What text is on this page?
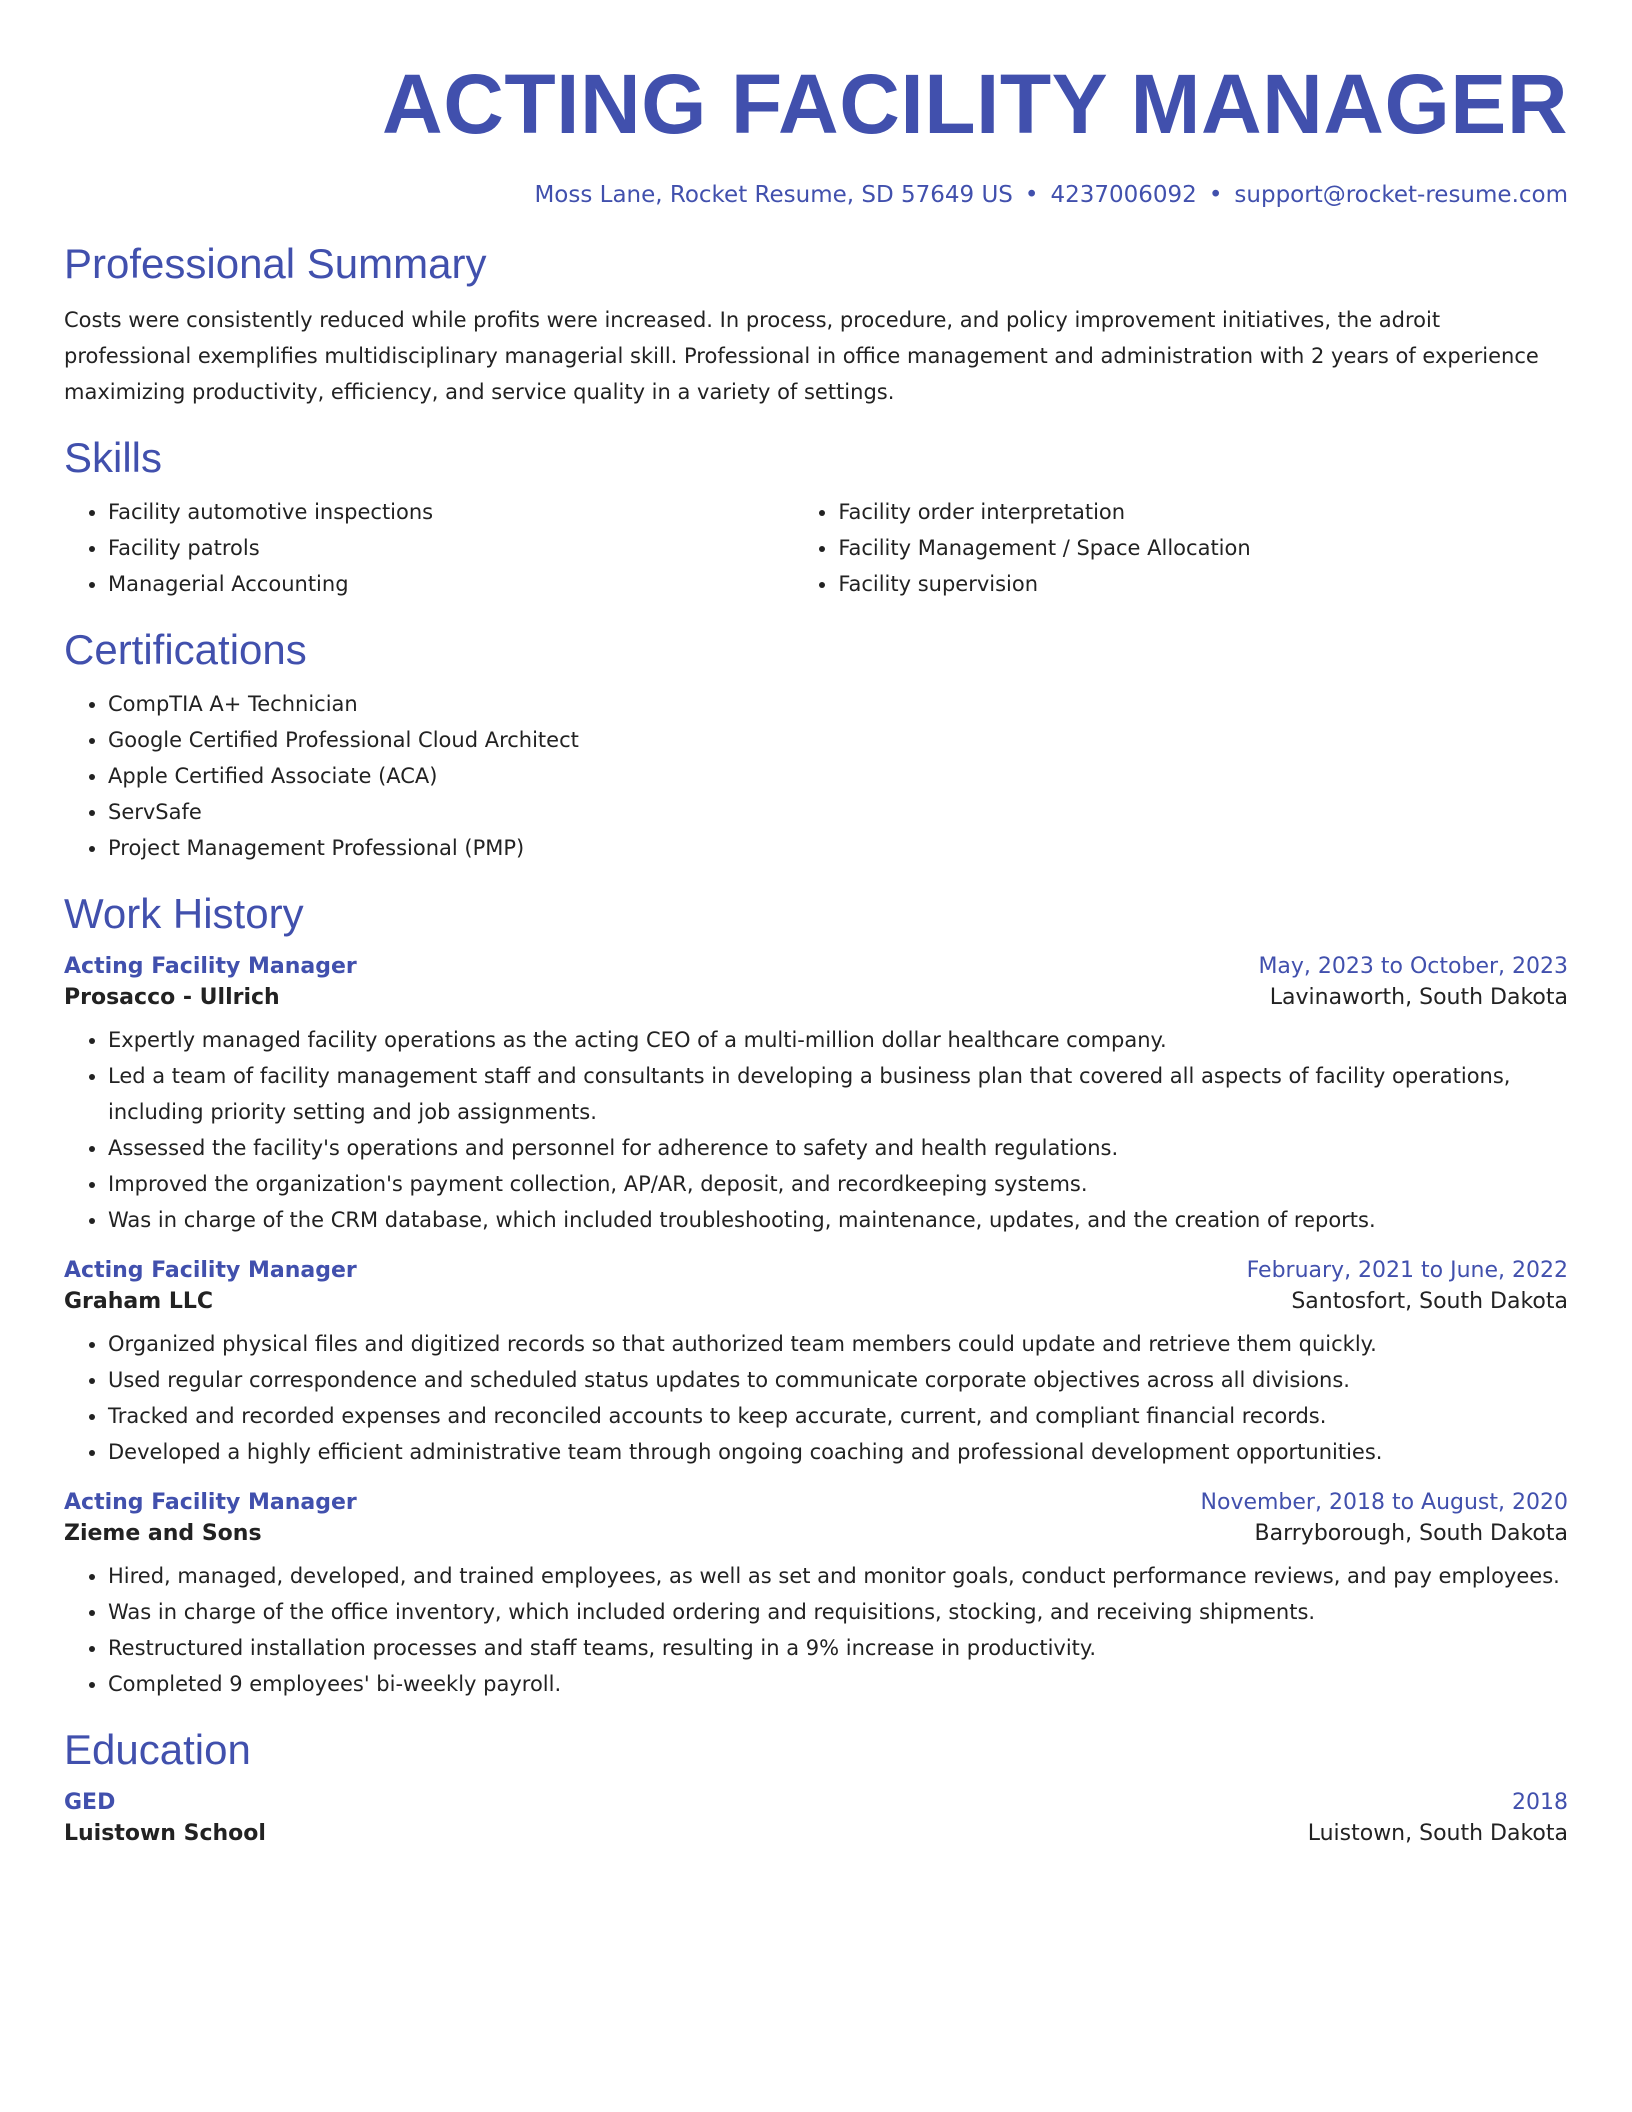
ACTING FACILITY MANAGER
Moss Lane, Rocket Resume, SD 57649 US • 4237006092 • support@rocket-resume.com
Professional Summary

Costs were consistently reduced while profits were increased. In process, procedure, and policy improvement initiatives, the adroit professional exemplifies multidisciplinary managerial skill. Professional in office management and administration with 2 years of experience maximizing productivity, efficiency, and service quality in a variety of settings.

Skills
• Facility automotive inspections
• Facility patrols
• Managerial Accounting
• Facility order interpretation
• Facility Management / Space Allocation
• Facility supervision
Certifications
• CompTIA A+ Technician
• Google Certified Professional Cloud Architect
• Apple Certified Associate (ACA)
• ServSafe
• Project Management Professional (PMP)
Work History
Acting Facility Manager	May, 2023 to October, 2023
Prosacco - Ullrich	Lavinaworth, South Dakota
• Expertly managed facility operations as the acting CEO of a multi-million dollar healthcare company.
• Led a team of facility management staff and consultants in developing a business plan that covered all aspects of facility operations, including priority setting and job assignments.
• Assessed the facility's operations and personnel for adherence to safety and health regulations.
• Improved the organization's payment collection, AP/AR, deposit, and recordkeeping systems.
• Was in charge of the CRM database, which included troubleshooting, maintenance, updates, and the creation of reports.
Acting Facility Manager	February, 2021 to June, 2022
Graham LLC	Santosfort, South Dakota
• Organized physical files and digitized records so that authorized team members could update and retrieve them quickly.
• Used regular correspondence and scheduled status updates to communicate corporate objectives across all divisions.
• Tracked and recorded expenses and reconciled accounts to keep accurate, current, and compliant financial records.
• Developed a highly efficient administrative team through ongoing coaching and professional development opportunities.
Acting Facility Manager	November, 2018 to August, 2020
Zieme and Sons	Barryborough, South Dakota
• Hired, managed, developed, and trained employees, as well as set and monitor goals, conduct performance reviews, and pay employees.
• Was in charge of the office inventory, which included ordering and requisitions, stocking, and receiving shipments.
• Restructured installation processes and staff teams, resulting in a 9% increase in productivity.
• Completed 9 employees' bi-weekly payroll.
Education
GED	2018
Luistown School	Luistown, South Dakota
